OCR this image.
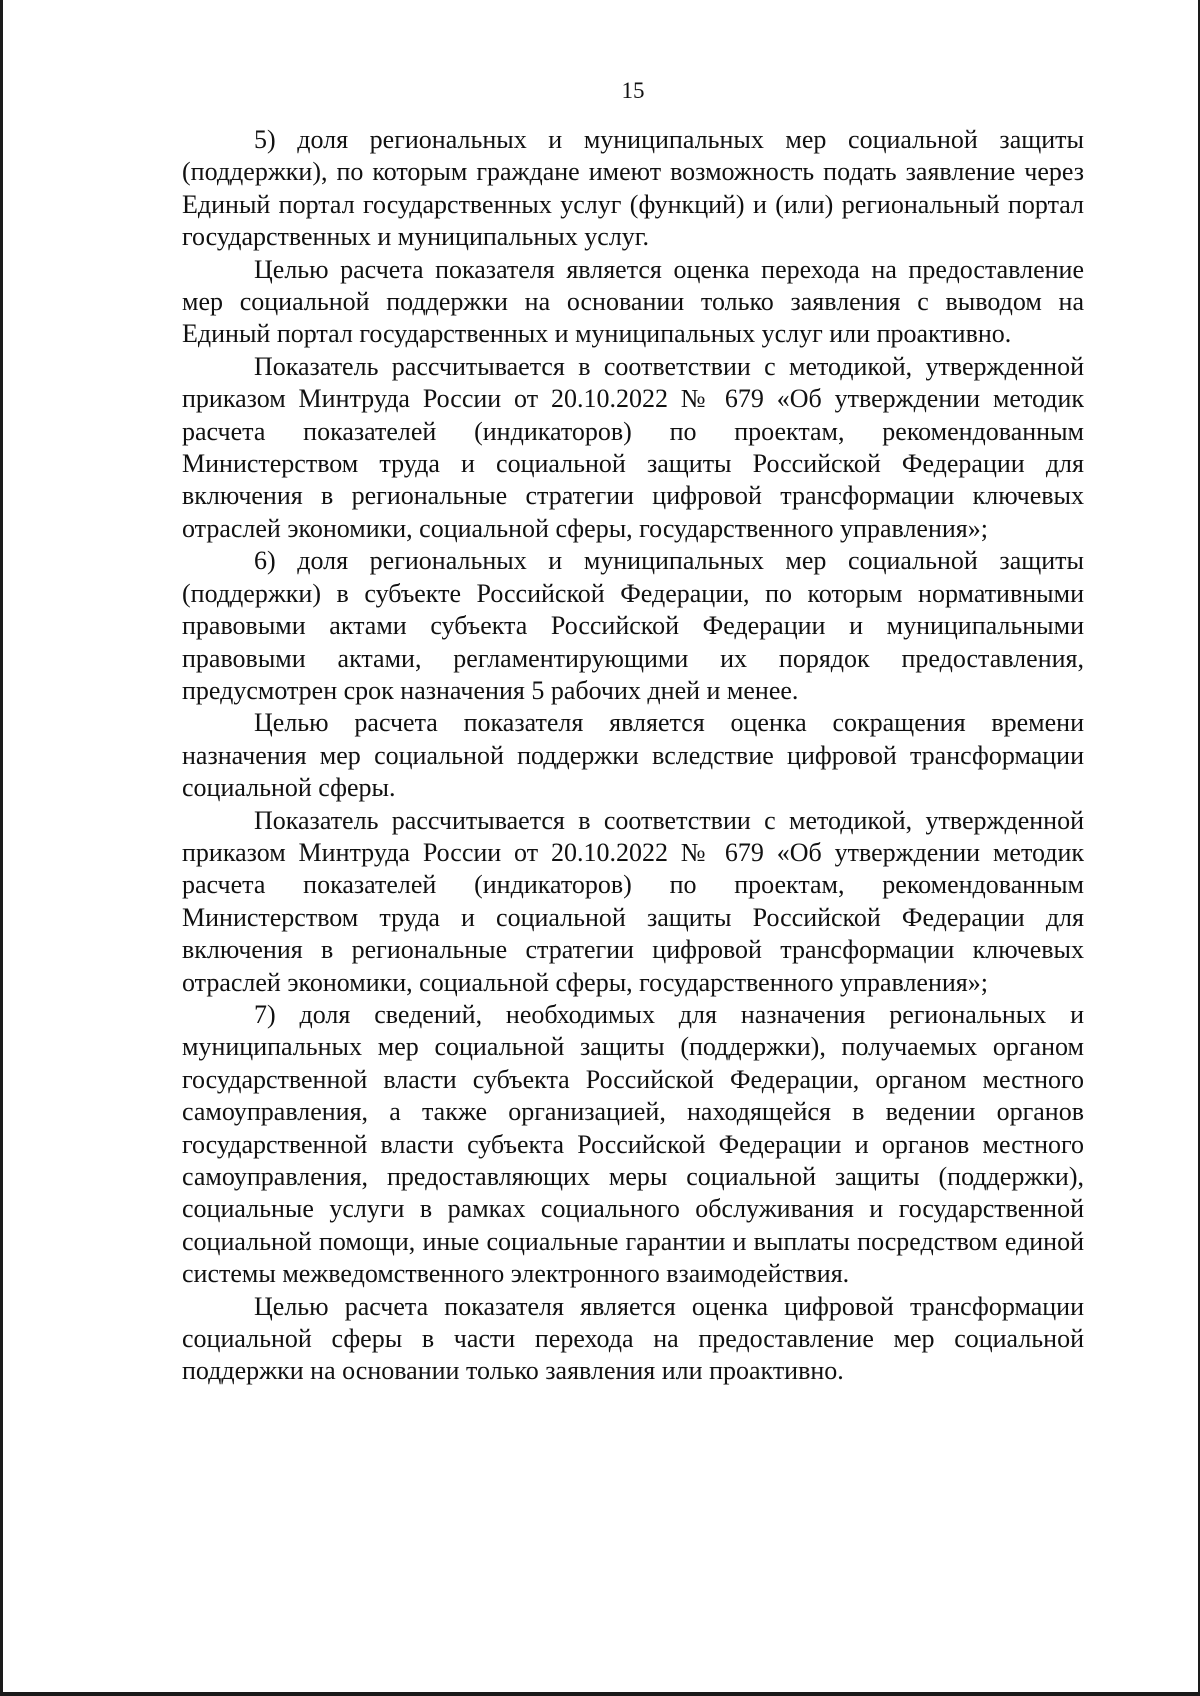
15

5) доля региональных и муниципальных мер социальной защиты (поддержки), по которым граждане имеют возможность подать заявление через Единый портал государственных услуг (функций) и (или) региональный портал государственных и муниципальных услуг.

Целью расчета показателя является оценка перехода на предоставление мер социальной поддержки на основании только заявления с выводом на Единый портал государственных и муниципальных услуг или проактивно.

Показатель рассчитывается в соответствии с методикой, утвержденной приказом Минтруда России от 20.10.2022 № 679 «Об утверждении методик расчета показателей (индикаторов) по проектам, рекомендованным Министерством труда и социальной защиты Российской Федерации для включения в региональные стратегии цифровой трансформации ключевых отраслей экономики, социальной сферы, государственного управления»;

6) доля региональных и муниципальных мер социальной защиты (поддержки) в субъекте Российской Федерации, по которым нормативными правовыми актами субъекта Российской Федерации и муниципальными правовыми актами, регламентирующими их порядок предоставления, предусмотрен срок назначения 5 рабочих дней и менее.

Целью расчета показателя является оценка сокращения времени назначения мер социальной поддержки вследствие цифровой трансформации социальной сферы.

Показатель рассчитывается в соответствии с методикой, утвержденной приказом Минтруда России от 20.10.2022 № 679 «Об утверждении методик расчета показателей (индикаторов) по проектам, рекомендованным Министерством труда и социальной защиты Российской Федерации для включения в региональные стратегии цифровой трансформации ключевых отраслей экономики, социальной сферы, государственного управления»;

7) доля сведений, необходимых для назначения региональных и муниципальных мер социальной защиты (поддержки), получаемых органом государственной власти субъекта Российской Федерации, органом местного самоуправления, а также организацией, находящейся в ведении органов государственной власти субъекта Российской Федерации и органов местного самоуправления, предоставляющих меры социальной защиты (поддержки), социальные услуги в рамках социального обслуживания и государственной социальной помощи, иные социальные гарантии и выплаты посредством единой системы межведомственного электронного взаимодействия.

Целью расчета показателя является оценка цифровой трансформации социальной сферы в части перехода на предоставление мер социальной поддержки на основании только заявления или проактивно.
